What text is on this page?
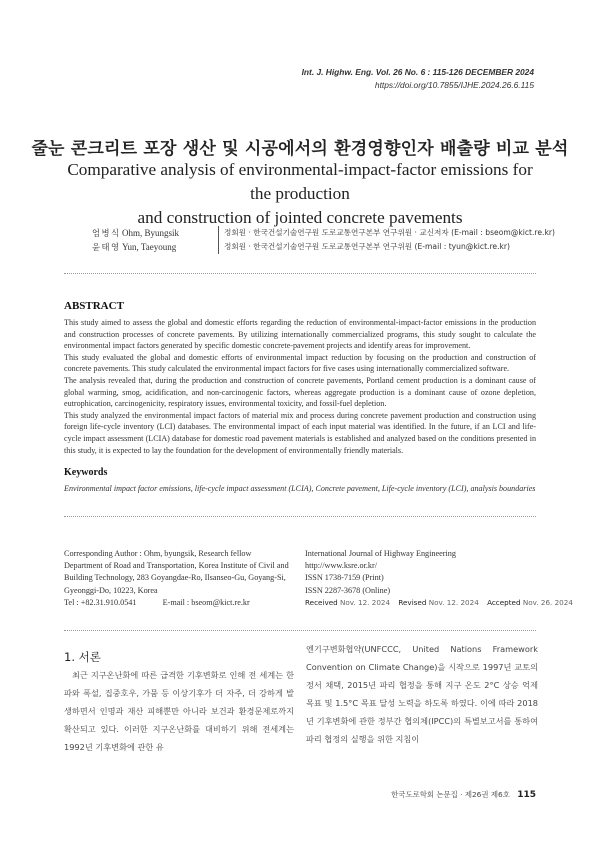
Int. J. Highw. Eng. Vol. 26 No. 6 : 115-126 DECEMBER 2024
https://doi.org/10.7855/IJHE.2024.26.6.115
줄눈 콘크리트 포장 생산 및 시공에서의 환경영향인자 배출량 비교 분석
Comparative analysis of environmental-impact-factor emissions for the production
and construction of jointed concrete pavements
엄병식 Ohm, Byungsik	정회원 · 한국건설기술연구원 도로교통연구본부 연구위원 · 교신저자 (E-mail : bseom@kict.re.kr)
윤태영 Yun, Taeyoung	정회원 · 한국건설기술연구원 도로교통연구본부 연구위원 (E-mail : tyun@kict.re.kr)
ABSTRACT

This study aimed to assess the global and domestic efforts regarding the reduction of environmental-impact-factor emissions in the production and construction processes of concrete pavements. By utilizing internationally commercialized programs, this study sought to calculate the environmental impact factors generated by specific domestic concrete-pavement projects and identify areas for improvement.

This study evaluated the global and domestic efforts of environmental impact reduction by focusing on the production and construction of concrete pavements. This study calculated the environmental impact factors for five cases using internationally commercialized software.

The analysis revealed that, during the production and construction of concrete pavements, Portland cement production is a dominant cause of global warming, smog, acidification, and non-carcinogenic factors, whereas aggregate production is a dominant cause of ozone depletion, eutrophication, carcinogenicity, respiratory issues, environmental toxicity, and fossil-fuel depletion.

This study analyzed the environmental impact factors of material mix and process during concrete pavement production and construction using foreign life-cycle inventory (LCI) databases. The environmental impact of each input material was identified. In the future, if an LCI and life-cycle impact assessment (LCIA) database for domestic road pavement materials is established and analyzed based on the conditions presented in this study, it is expected to lay the foundation for the development of environmentally friendly materials.

Keywords
Environmental impact factor emissions, life-cycle impact assessment (LCIA), Concrete pavement, Life-cycle inventory (LCI), analysis boundaries
Corresponding Author : Ohm, byungsik, Research fellow
Department of Road and Transportation, Korea Institute of Civil and
Building Technology, 283 Goyangdae-Ro, Ilsanseo-Gu, Goyang-Si,
Gyeonggi-Do, 10223, Korea
Tel : +82.31.910.0541	E-mail : bseom@kict.re.kr
International Journal of Highway Engineering
http://www.ksre.or.kr/
ISSN 1738-7159 (Print)
ISSN 2287-3678 (Online)
Received Nov. 12. 2024 Revised Nov. 12. 2024 Accepted Nov. 26. 2024
1. 서론
최근 지구온난화에 따른 급격한 기후변화로 인해 전 세계는 한파와 폭설, 집중호우, 가뭄 등 이상기후가 더 자주, 더 강하게 발생하면서 인명과 재산 피해뿐만 아니라 보건과 환경문제로까지 확산되고 있다. 이러한 지구온난화를 대비하기 위해 전세계는 1992년 기후변화에 관한 유
엔기구변화협약(UNFCCC, United Nations Framework Convention on Climate Change)을 시작으로 1997년 교토의정서 채택, 2015년 파리 협정을 통해 지구 온도 2°C 상승 억제 목표 및 1.5°C 목표 달성 노력을 하도록 하였다. 이에 따라 2018년 기후변화에 관한 정부간 협의체(IPCC)의 특별보고서를 통하여 파리 협정의 실행을 위한 지침이
한국도로학회 논문집 · 제26권 제6호 115
